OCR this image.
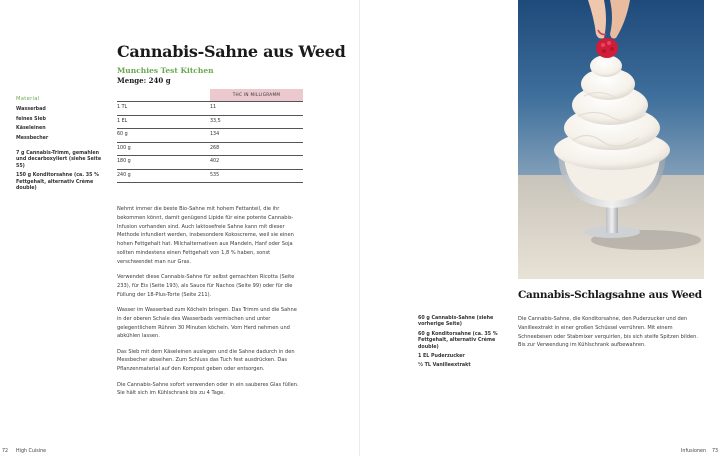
Cannabis-Sahne aus Weed
Munchies Test Kitchen
Menge: 240 g
Material
Wasserbad
feines Sieb
Käseleinen
Messbecher
7 g Cannabis-Trimm, gemahlen und decarboxyliert (siehe Seite 55)
150 g Konditorsahne (ca. 35 % Fettgehalt, alternativ Crème double)
THC IN MILLIGRAMM
1 TL	11
1 EL	33,5
60 g	134
100 g	268
180 g	402
240 g	535

Nehmt immer die beste Bio-Sahne mit hohem Fettanteil, die ihr bekommen könnt, damit genügend Lipide für eine potente Cannabis-Infusion vorhanden sind. Auch laktosefreie Sahne kann mit dieser Methode infundiert werden, insbesondere Kokoscreme, weil sie einen hohen Fettgehalt hat. Milchalternativen aus Mandeln, Hanf oder Soja sollten mindestens einen Fettgehalt von 1,8 % haben, sonst verschwendet man nur Gras.

Verwendet diese Cannabis-Sahne für selbst gemachten Ricotta (Seite 233), für Eis (Seite 193), als Sauce für Nachos (Seite 99) oder für die Füllung der 18-Plus-Torte (Seite 211).

Wasser im Wasserbad zum Köcheln bringen. Das Trimm und die Sahne in der oberen Schale des Wasserbads vermischen und unter gelegentlichem Rühren 30 Minuten köcheln. Vom Herd nehmen und abkühlen lassen.

Das Sieb mit dem Käseleinen auslegen und die Sahne dadurch in den Messbecher abseihen. Zum Schluss das Tuch fest ausdrücken. Das Pflanzenmaterial auf den Kompost geben oder entsorgen.

Die Cannabis-Sahne sofort verwenden oder in ein sauberes Glas füllen. Sie hält sich im Kühlschrank bis zu 4 Tage.

72 High Cuisine
Cannabis-Schlagsahne aus Weed
60 g Cannabis-Sahne (siehe vorherige Seite)
60 g Konditorsahne (ca. 35 % Fettgehalt, alternativ Crème double)
1 EL Puderzucker
½ TL Vanilleextrakt

Die Cannabis-Sahne, die Konditorsahne, den Puderzucker und den Vanilleextrakt in einer großen Schüssel verrühren. Mit einem Schneebesen oder Stabmixer verquirlen, bis sich steife Spitzen bilden. Bis zur Verwendung im Kühlschrank aufbewahren.

Infusionen 73
